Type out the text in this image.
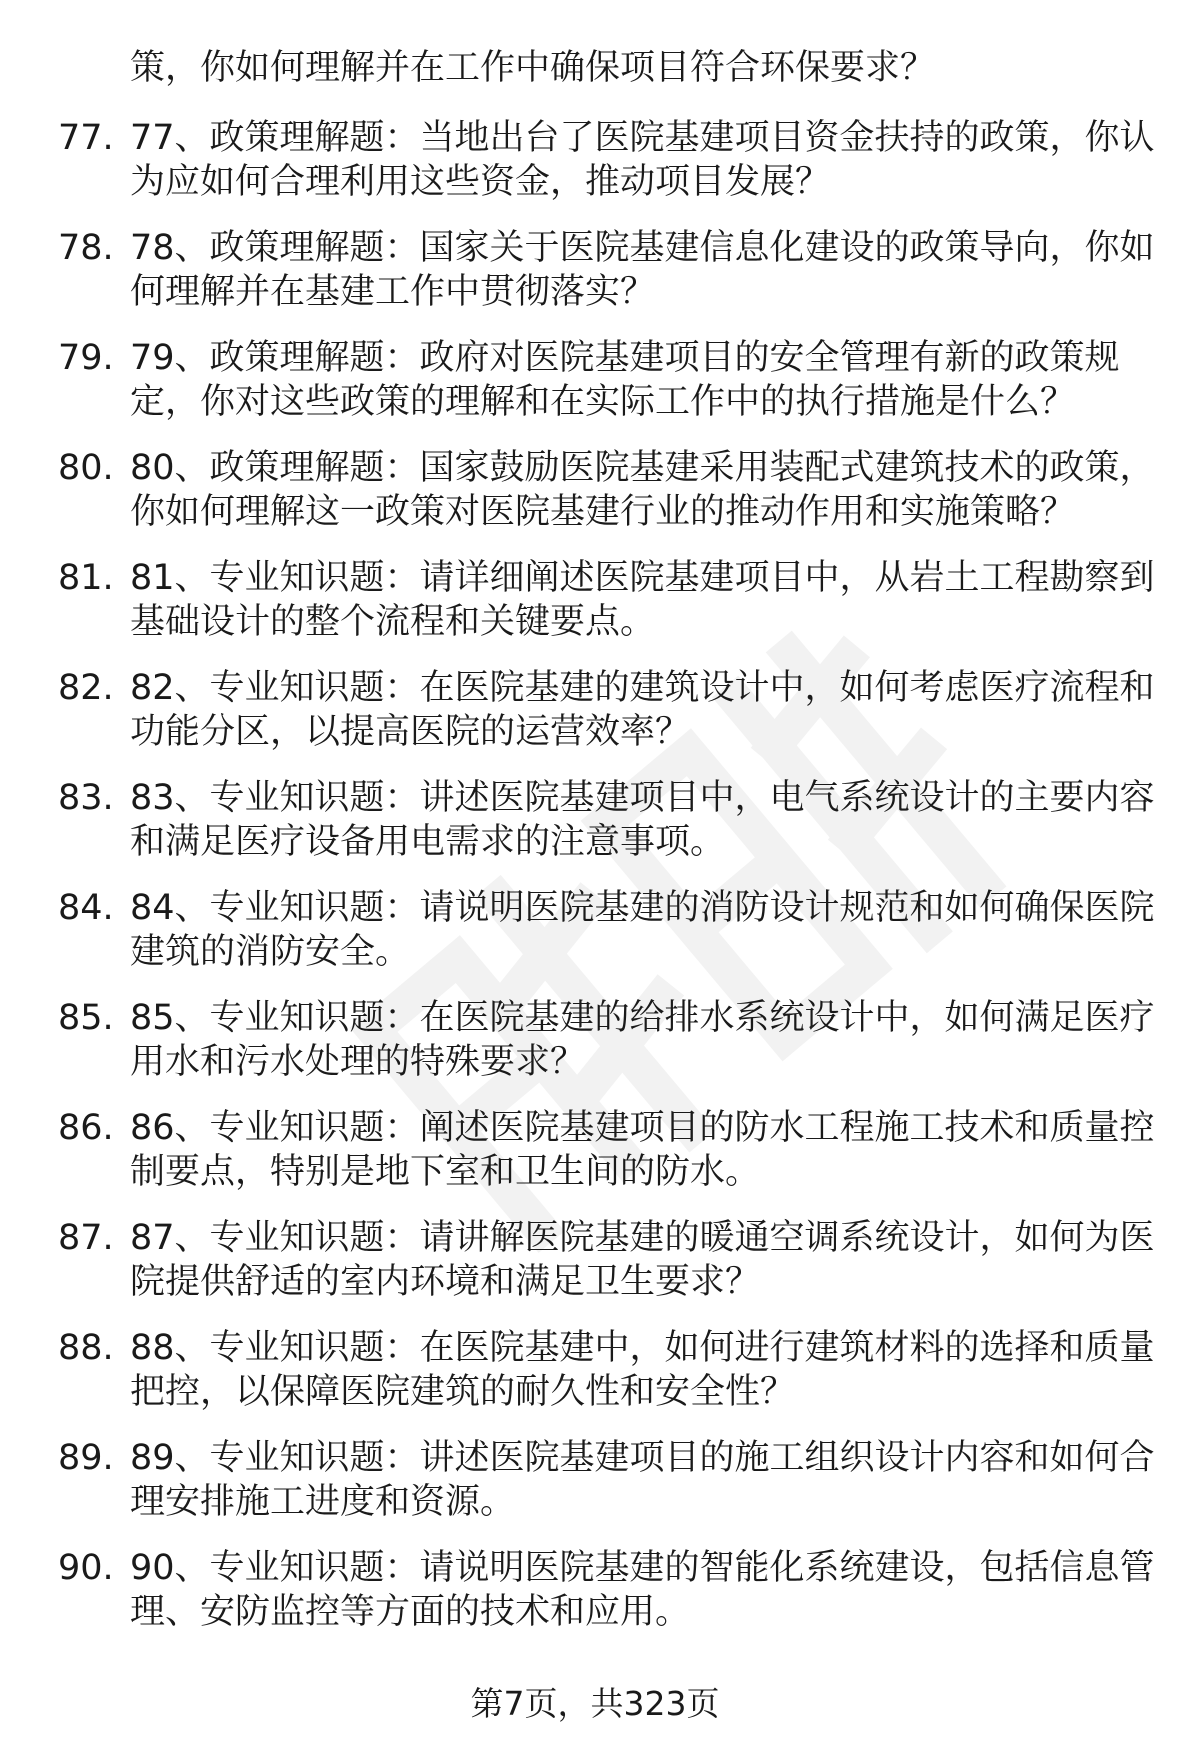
策，你如何理解并在工作中确保项目符合环保要求？
77. 77、政策理解题：当地出台了医院基建项目资金扶持的政策，你认为应如何合理利用这些资金，推动项目发展？
78. 78、政策理解题：国家关于医院基建信息化建设的政策导向，你如何理解并在基建工作中贯彻落实？
79. 79、政策理解题：政府对医院基建项目的安全管理有新的政策规定，你对这些政策的理解和在实际工作中的执行措施是什么？
80. 80、政策理解题：国家鼓励医院基建采用装配式建筑技术的政策，你如何理解这一政策对医院基建行业的推动作用和实施策略？
81. 81、专业知识题：请详细阐述医院基建项目中，从岩土工程勘察到基础设计的整个流程和关键要点。
82. 82、专业知识题：在医院基建的建筑设计中，如何考虑医疗流程和功能分区，以提高医院的运营效率？
83. 83、专业知识题：讲述医院基建项目中，电气系统设计的主要内容和满足医疗设备用电需求的注意事项。
84. 84、专业知识题：请说明医院基建的消防设计规范和如何确保医院建筑的消防安全。
85. 85、专业知识题：在医院基建的给排水系统设计中，如何满足医疗用水和污水处理的特殊要求？
86. 86、专业知识题：阐述医院基建项目的防水工程施工技术和质量控制要点，特别是地下室和卫生间的防水。
87. 87、专业知识题：请讲解医院基建的暖通空调系统设计，如何为医院提供舒适的室内环境和满足卫生要求？
88. 88、专业知识题：在医院基建中，如何进行建筑材料的选择和质量把控，以保障医院建筑的耐久性和安全性？
89. 89、专业知识题：讲述医院基建项目的施工组织设计内容和如何合理安排施工进度和资源。
90. 90、专业知识题：请说明医院基建的智能化系统建设，包括信息管理、安防监控等方面的技术和应用。
第7页，共323页
